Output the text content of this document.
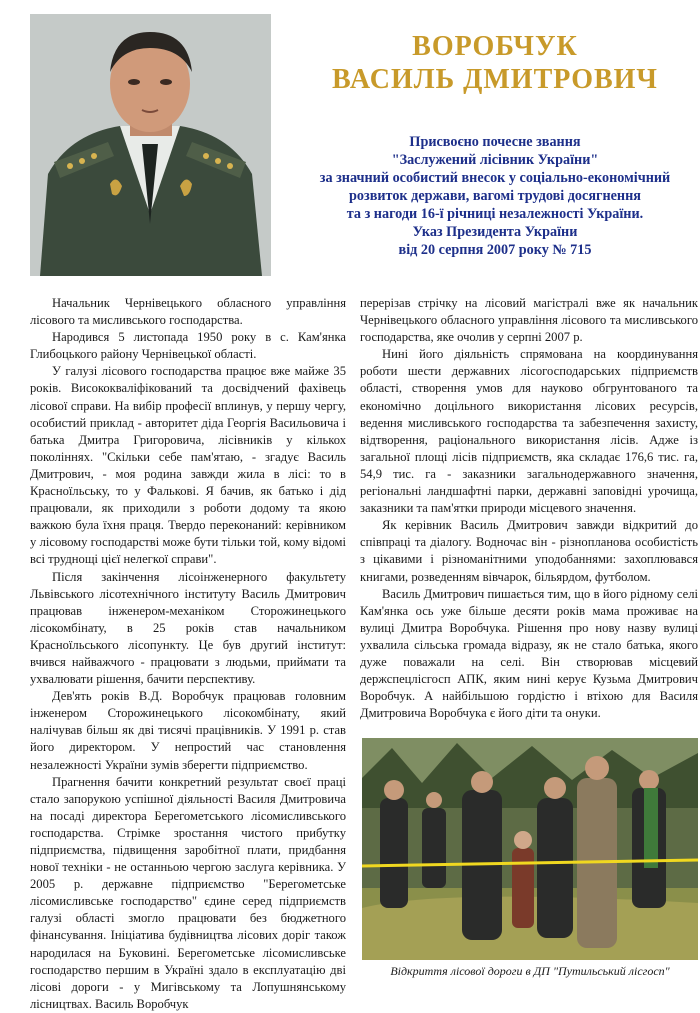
ВОРОБЧУК
ВАСИЛЬ ДМИТРОВИЧ
Присвоєно почесне звання
"Заслужений лісівник України"
за значний особистий внесок у соціально-економічний
розвиток держави, вагомі трудові досягнення
та з нагоди 16-ї річниці незалежності України.
Указ Президента України
від 20 серпня 2007 року № 715

Начальник Чернівецького обласного управління лісового та мисливського господарства.

Народився 5 листопада 1950 року в с. Кам'янка Глибоцького району Чернівецької області.

У галузі лісового господарства працює вже майже 35 років. Висококваліфікований та досвідчений фахівець лісової справи. На вибір професії вплинув, у першу чергу, особистий приклад - авторитет діда Георгія Васильовича і батька Дмитра Григоровича, лісівників у кількох поколіннях. "Скільки себе пам'ятаю, - згадує Василь Дмитрович, - моя родина завжди жила в лісі: то в Красноїльську, то у Фалькові. Я бачив, як батько і дід працювали, як приходили з роботи додому та якою важкою була їхня праця. Твердо переконаний: керівником у лісовому господарстві може бути тільки той, кому відомі всі труднощі цієї нелегкої справи".

Після закінчення лісоінженерного факультету Львівського лісотехнічного інституту Василь Дмитрович працював інженером-механіком Сторожинецького лісокомбінату, в 25 років став начальником Красноїльського лісопункту. Це був другий інститут: вчився найважчого - працювати з людьми, приймати та ухвалювати рішення, бачити перспективу.

Дев'ять років В.Д. Воробчук працював головним інженером Сторожинецького лісокомбінату, який налічував більш як дві тисячі працівників. У 1991 р. став його директором. У непростий час становлення незалежності України зумів зберегти підприємство.

Прагнення бачити конкретний результат своєї праці стало запорукою успішної діяльності Василя Дмитровича на посаді директора Берегометського лісомисливського господарства. Стрімке зростання чистого прибутку підприємства, підвищення заробітної плати, придбання нової техніки - не останньою чергою заслуга керівника. У 2005 р. державне підприємство "Берегометське лісомисливське господарство" єдине серед підприємств галузі області змогло працювати без бюджетного фінансування. Ініціатива будівництва лісових доріг також народилася на Буковині. Берегометське лісомисливське господарство першим в Україні здало в експлуатацію дві лісові дороги - у Мигівському та Лопушнянському лісництвах. Василь Воробчук

перерізав стрічку на лісовий магістралі вже як начальник Чернівецького обласного управління лісового та мисливського господарства, яке очолив у серпні 2007 р.

Нині його діяльність спрямована на координування роботи шести державних лісогосподарських підприємств області, створення умов для науково обгрунтованого та економічно доцільного використання лісових ресурсів, ведення мисливського господарства та забезпечення захисту, відтворення, раціонального використання лісів. Адже із загальної площі лісів підприємств, яка складає 176,6 тис. га, 54,9 тис. га - заказники загальнодержавного значення, регіональні ландшафтні парки, державні заповідні урочища, заказники та пам'ятки природи місцевого значення.

Як керівник Василь Дмитрович завжди відкритий до співпраці та діалогу. Водночас він - різнопланова особистість з цікавими і різноманітними уподобаннями: захоплювався книгами, розведенням вівчарок, більярдом, футболом.

Василь Дмитрович пишається тим, що в його рідному селі Кам'янка ось уже більше десяти років мама проживає на вулиці Дмитра Воробчука. Рішення про нову назву вулиці ухвалила сільська громада відразу, як не стало батька, якого дуже поважали на селі. Він створював місцевий держспецлісгосп АПК, яким нині керує Кузьма Дмитрович Воробчук. А найбільшою гордістю і втіхою для Василя Дмитровича Воробчука є його діти та онуки.

Відкриття лісової дороги в ДП "Путильський лісгосп"
